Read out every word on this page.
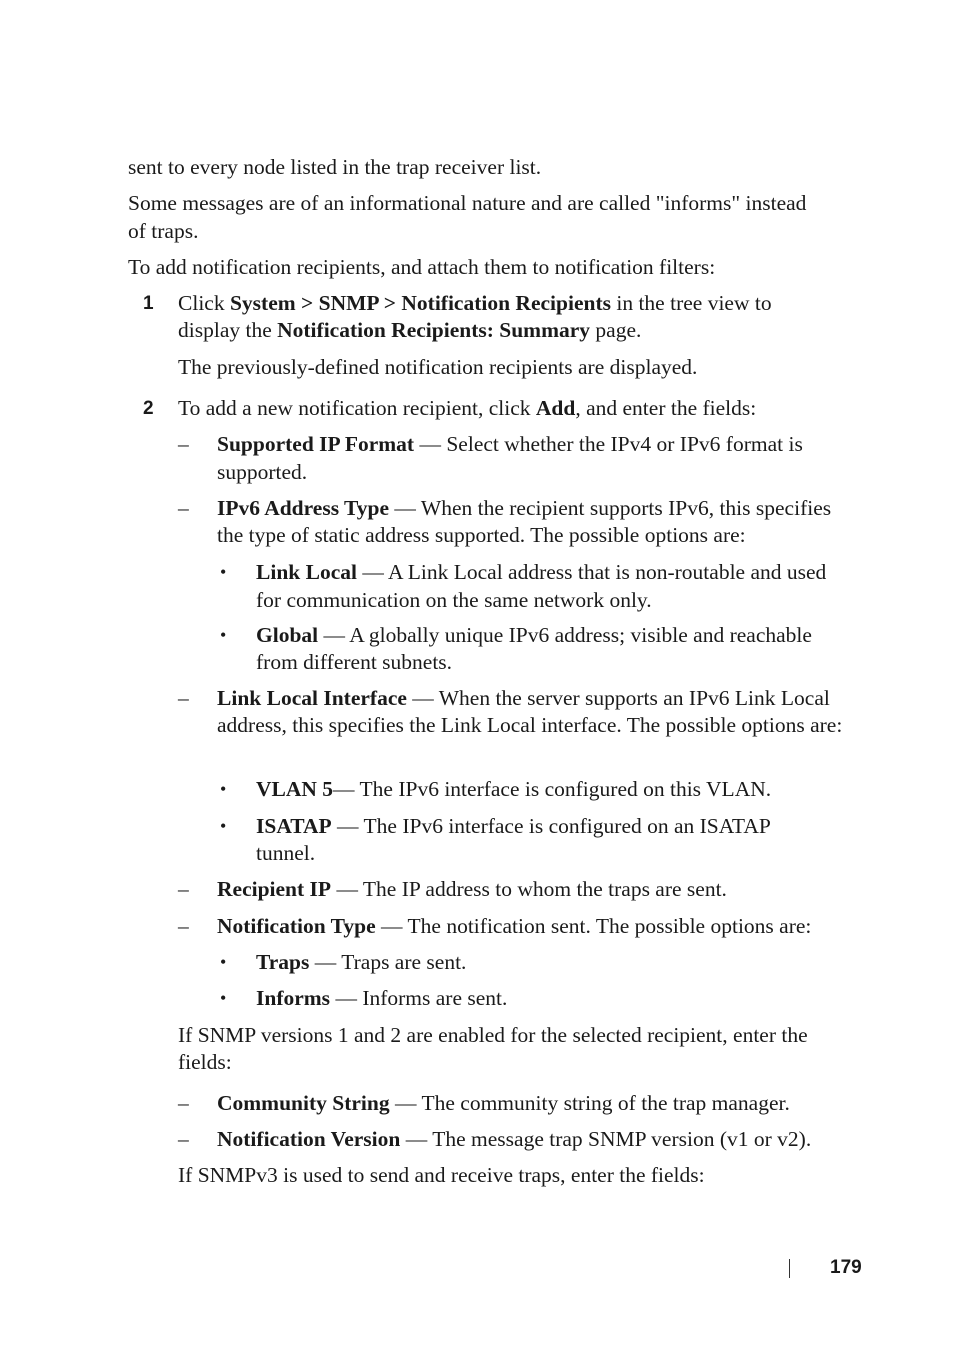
sent to every node listed in the trap receiver list.

Some messages are of an informational nature and are called "informs" instead of traps.

To add notification recipients, and attach them to notification filters:

1 Click System > SNMP > Notification Recipients in the tree view to display the Notification Recipients: Summary page.

The previously-defined notification recipients are displayed.

2 To add a new notification recipient, click Add, and enter the fields:

– Supported IP Format — Select whether the IPv4 or IPv6 format is supported.

– IPv6 Address Type — When the recipient supports IPv6, this specifies the type of static address supported. The possible options are:

• Link Local — A Link Local address that is non-routable and used for communication on the same network only.

• Global — A globally unique IPv6 address; visible and reachable from different subnets.

– Link Local Interface — When the server supports an IPv6 Link Local address, this specifies the Link Local interface. The possible options are:

• VLAN 5— The IPv6 interface is configured on this VLAN.

• ISATAP — The IPv6 interface is configured on an ISATAP tunnel.

– Recipient IP — The IP address to whom the traps are sent.

– Notification Type — The notification sent. The possible options are:

• Traps — Traps are sent.

• Informs — Informs are sent.

If SNMP versions 1 and 2 are enabled for the selected recipient, enter the fields:

– Community String — The community string of the trap manager.

– Notification Version — The message trap SNMP version (v1 or v2).

If SNMPv3 is used to send and receive traps, enter the fields:

179
